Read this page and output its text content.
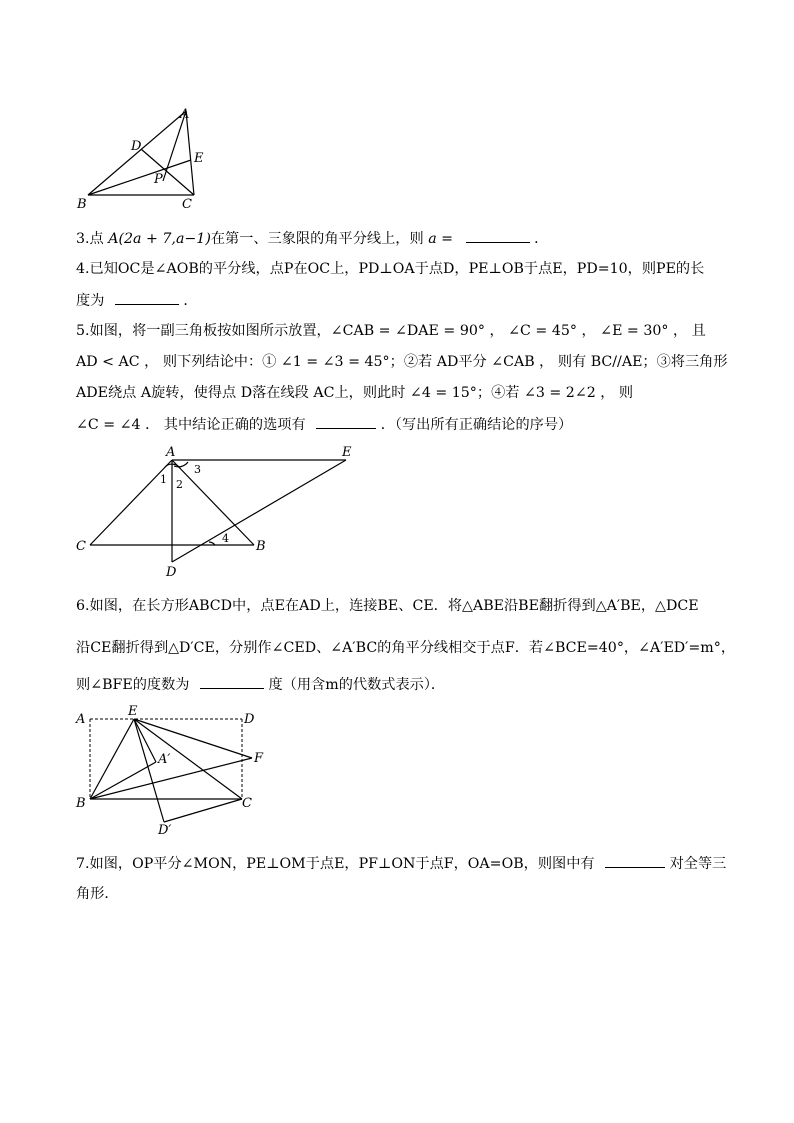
A
B	C
D
E
P
3.点 A(2a + 7,a−1)在第一、三象限的角平分线上，则 a =	．
4.已知OC是∠AOB的平分线，点P在OC上，PD⊥OA于点D，PE⊥OB于点E，PD=10，则PE的长
度为	．
5.如图，将一副三角板按如图所示放置，∠CAB = ∠DAE = 90° ， ∠C = 45° ， ∠E = 30° ， 且
AD < AC ， 则下列结论中：① ∠1 = ∠3 = 45°；②若 AD平分 ∠CAB ， 则有 BC//AE；③将三角形
ADE绕点 A旋转，使得点 D落在线段 AC上，则此时 ∠4 = 15°；④若 ∠3 = 2∠2 ， 则
∠C = ∠4 ． 其中结论正确的选项有	．（写出所有正确结论的序号）
A	E
C	B
D
1 2
3
4
6.如图，在长方形ABCD中，点E在AD上，连接BE、CE．将△ABE沿BE翻折得到△A′BE，△DCE
沿CE翻折得到△D′CE，分别作∠CED、∠A′BC的角平分线相交于点F．若∠BCE=40°，∠A′ED′=m°，
则∠BFE的度数为	度（用含m的代数式表示）．
A
E
D
F
A′
B	C
D′
7.如图，OP平分∠MON，PE⊥OM于点E，PF⊥ON于点F，OA=OB，则图中有	对全等三
角形．
